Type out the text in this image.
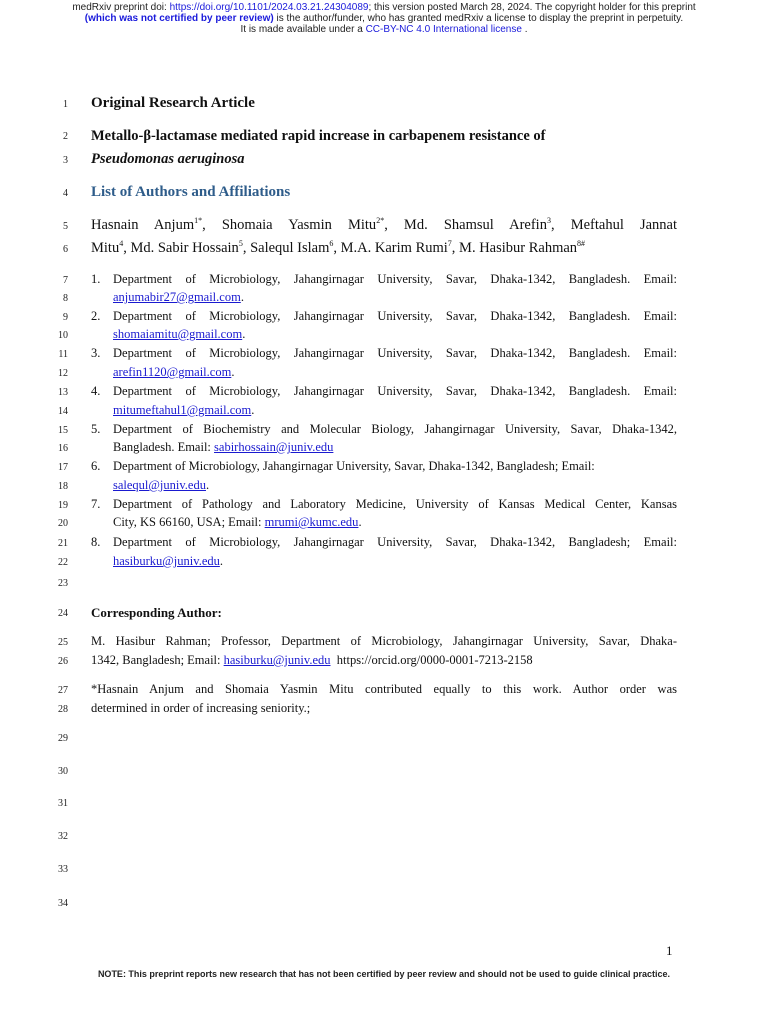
medRxiv preprint doi: https://doi.org/10.1101/2024.03.21.24304089; this version posted March 28, 2024. The copyright holder for this preprint
(which was not certified by peer review) is the author/funder, who has granted medRxiv a license to display the preprint in perpetuity.
It is made available under a CC-BY-NC 4.0 International license .
1
2
3
4
5
6
7
8
9
10
11
12
13
14
15
16
17
18
19
20
21
22
23
24
25
26
27
28
29
30
31
32
33
34
Original Research Article
Metallo-β-lactamase mediated rapid increase in carbapenem resistance of
Pseudomonas aeruginosa
List of Authors and Affiliations
Hasnain Anjum$^{1*}$, Shomaia Yasmin Mitu$^{2*}$, Md. Shamsul Arefin$^3$, Meftahul Jannat
Mitu$^4$, Md. Sabir Hossain$^5$, Salequl Islam$^6$, M.A. Karim Rumi$^7$, M. Hasibur Rahman$^{8\#}$
1. Department of Microbiology, Jahangirnagar University, Savar, Dhaka-1342, Bangladesh. Email:
anjumabir27@gmail.com.
2. Department of Microbiology, Jahangirnagar University, Savar, Dhaka-1342, Bangladesh. Email:
shomaiamitu@gmail.com.
3. Department of Microbiology, Jahangirnagar University, Savar, Dhaka-1342, Bangladesh. Email:
arefin1120@gmail.com.
4. Department of Microbiology, Jahangirnagar University, Savar, Dhaka-1342, Bangladesh. Email:
mitumeftahul1@gmail.com.
5. Department of Biochemistry and Molecular Biology, Jahangirnagar University, Savar, Dhaka-1342,
Bangladesh. Email: sabirhossain@juniv.edu
6. Department of Microbiology, Jahangirnagar University, Savar, Dhaka-1342, Bangladesh; Email:
salequl@juniv.edu.
7. Department of Pathology and Laboratory Medicine, University of Kansas Medical Center, Kansas
City, KS 66160, USA; Email: mrumi@kumc.edu.
8. Department of Microbiology, Jahangirnagar University, Savar, Dhaka-1342, Bangladesh; Email:
hasiburku@juniv.edu.
Corresponding Author:
M. Hasibur Rahman; Professor, Department of Microbiology, Jahangirnagar University, Savar, Dhaka-
1342, Bangladesh; Email: hasiburku@juniv.edu  https://orcid.org/0000-0001-7213-2158
*Hasnain Anjum and Shomaia Yasmin Mitu contributed equally to this work. Author order was
determined in order of increasing seniority.;
1
NOTE: This preprint reports new research that has not been certified by peer review and should not be used to guide clinical practice.
